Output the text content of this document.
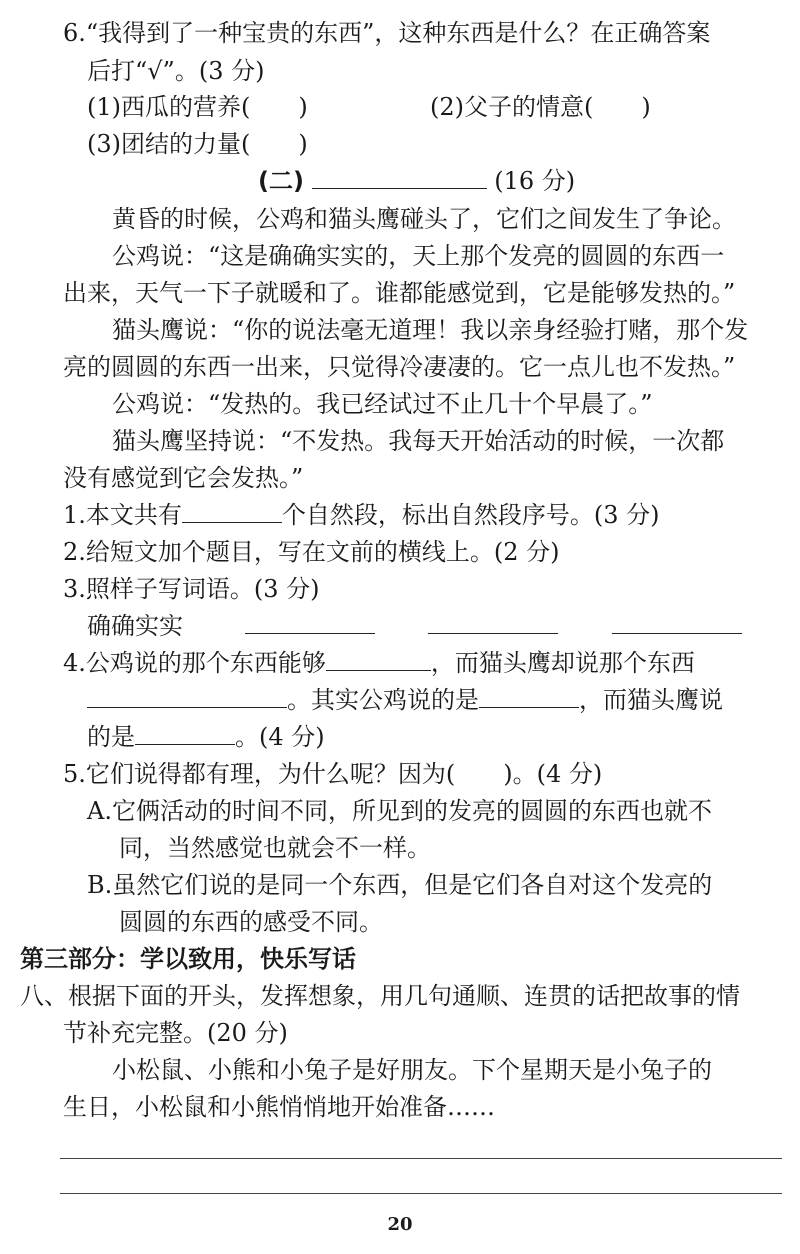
6.“我得到了一种宝贵的东西”，这种东西是什么？在正确答案
后打“√”。(3 分)
(1)西瓜的营养(　　)	(2)父子的情意(　　)
(3)团结的力量(　　)
(二)	(16 分)
黄昏的时候，公鸡和猫头鹰碰头了，它们之间发生了争论。
公鸡说：“这是确确实实的，天上那个发亮的圆圆的东西一
出来，天气一下子就暖和了。谁都能感觉到，它是能够发热的。”
猫头鹰说：“你的说法毫无道理！我以亲身经验打赌，那个发
亮的圆圆的东西一出来，只觉得冷凄凄的。它一点儿也不发热。”
公鸡说：“发热的。我已经试过不止几十个早晨了。”
猫头鹰坚持说：“不发热。我每天开始活动的时候，一次都
没有感觉到它会发热。”
1.本文共有	个自然段，标出自然段序号。(3 分)
2.给短文加个题目，写在文前的横线上。(2 分)
3.照样子写词语。(3 分)
确确实实
4.公鸡说的那个东西能够	，而猫头鹰却说那个东西
。其实公鸡说的是	，而猫头鹰说
的是	。(4 分)
5.它们说得都有理，为什么呢？因为(　　)。(4 分)
A.它俩活动的时间不同，所见到的发亮的圆圆的东西也就不
同，当然感觉也就会不一样。
B.虽然它们说的是同一个东西，但是它们各自对这个发亮的
圆圆的东西的感受不同。
第三部分：学以致用，快乐写话
八、根据下面的开头，发挥想象，用几句通顺、连贯的话把故事的情
节补充完整。(20 分)
小松鼠、小熊和小兔子是好朋友。下个星期天是小兔子的
生日，小松鼠和小熊悄悄地开始准备……
20
